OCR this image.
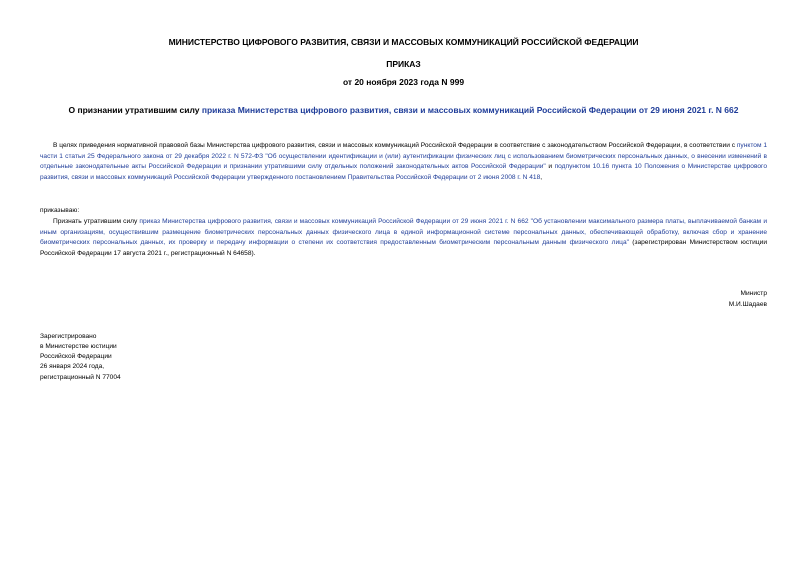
МИНИСТЕРСТВО ЦИФРОВОГО РАЗВИТИЯ, СВЯЗИ И МАССОВЫХ КОММУНИКАЦИЙ РОССИЙСКОЙ ФЕДЕРАЦИИ
ПРИКАЗ
от 20 ноября 2023 года N 999
О признании утратившим силу приказа Министерства цифрового развития, связи и массовых коммуникаций Российской Федерации от 29 июня 2021 г. N 662
В целях приведения нормативной правовой базы Министерства цифрового развития, связи и массовых коммуникаций Российской Федерации в соответствие с законодательством Российской Федерации, в соответствии с пунктом 1 части 1 статьи 25 Федерального закона от 29 декабря 2022 г. N 572-ФЗ "Об осуществлении идентификации и (или) аутентификации физических лиц с использованием биометрических персональных данных, о внесении изменений в отдельные законодательные акты Российской Федерации и признании утратившими силу отдельных положений законодательных актов Российской Федерации" и подпунктом 10.16 пункта 10 Положения о Министерстве цифрового развития, связи и массовых коммуникаций Российской Федерации утвержденного постановлением Правительства Российской Федерации от 2 июня 2008 г. N 418,
приказываю:
Признать утратившим силу приказ Министерства цифрового развития, связи и массовых коммуникаций Российской Федерации от 29 июня 2021 г. N 662 "Об установлении максимального размера платы, выплачиваемой банкам и иным организациям, осуществившим размещение биометрических персональных данных физического лица в единой информационной системе персональных данных, обеспечивающей обработку, включая сбор и хранение биометрических персональных данных, их проверку и передачу информации о степени их соответствия предоставленным биометрическим персональным данным физического лица" (зарегистрирован Министерством юстиции Российской Федерации 17 августа 2021 г., регистрационный N 64658).
Министр
М.И.Шадаев
Зарегистрировано
в Министерстве юстиции
Российской Федерации
26 января 2024 года,
регистрационный N 77004
